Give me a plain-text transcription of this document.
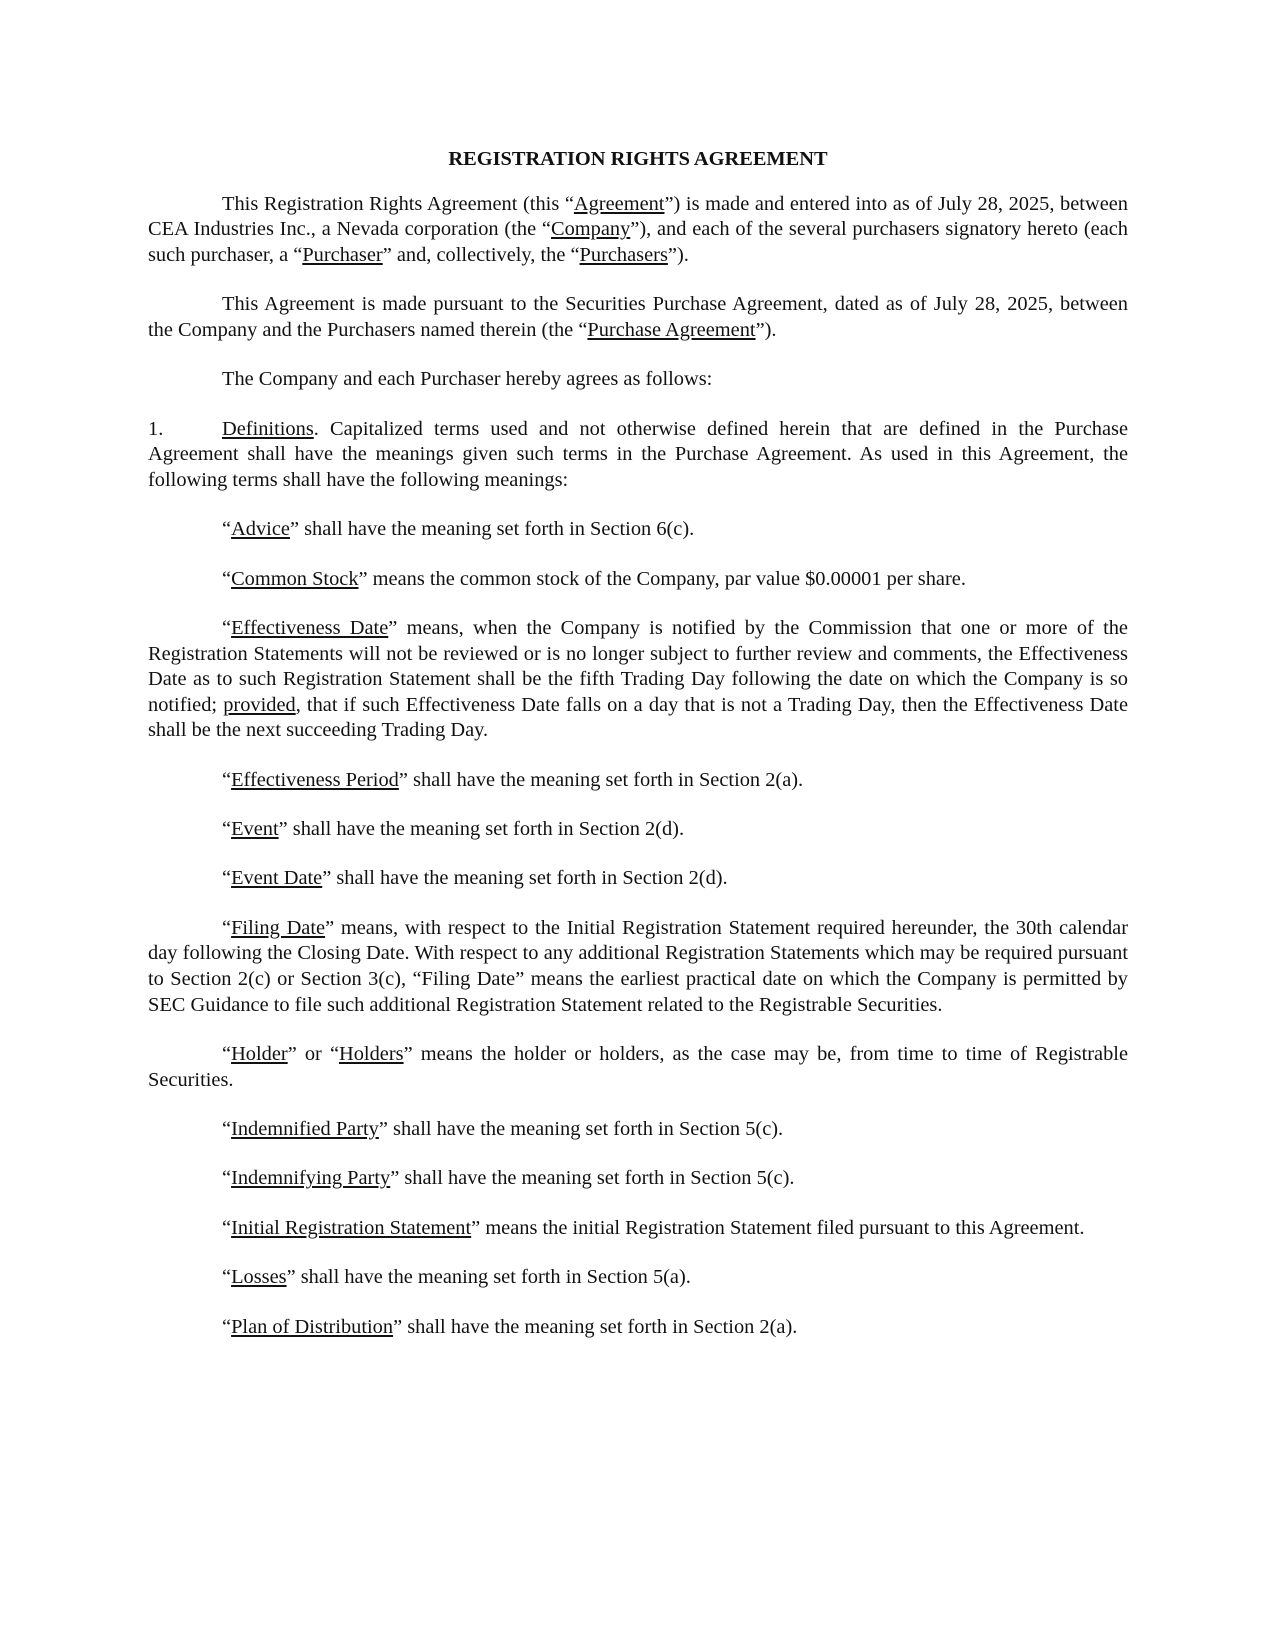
REGISTRATION RIGHTS AGREEMENT

This Registration Rights Agreement (this “Agreement”) is made and entered into as of July 28, 2025, between CEA Industries Inc., a Nevada corporation (the “Company”), and each of the several purchasers signatory hereto (each such purchaser, a “Purchaser” and, collectively, the “Purchasers”).

This Agreement is made pursuant to the Securities Purchase Agreement, dated as of July 28, 2025, between the Company and the Purchasers named therein (the “Purchase Agreement”).

The Company and each Purchaser hereby agrees as follows:

1.	Definitions. Capitalized terms used and not otherwise defined herein that are defined in the Purchase Agreement shall have the meanings given such terms in the Purchase Agreement. As used in this Agreement, the following terms shall have the following meanings:

“Advice” shall have the meaning set forth in Section 6(c).

“Common Stock” means the common stock of the Company, par value $0.00001 per share.

“Effectiveness Date” means, when the Company is notified by the Commission that one or more of the Registration Statements will not be reviewed or is no longer subject to further review and comments, the Effectiveness Date as to such Registration Statement shall be the fifth Trading Day following the date on which the Company is so notified; provided, that if such Effectiveness Date falls on a day that is not a Trading Day, then the Effectiveness Date shall be the next succeeding Trading Day.

“Effectiveness Period” shall have the meaning set forth in Section 2(a).

“Event” shall have the meaning set forth in Section 2(d).

“Event Date” shall have the meaning set forth in Section 2(d).

“Filing Date” means, with respect to the Initial Registration Statement required hereunder, the 30th calendar day following the Closing Date. With respect to any additional Registration Statements which may be required pursuant to Section 2(c) or Section 3(c), “Filing Date” means the earliest practical date on which the Company is permitted by SEC Guidance to file such additional Registration Statement related to the Registrable Securities.

“Holder” or “Holders” means the holder or holders, as the case may be, from time to time of Registrable Securities.

“Indemnified Party” shall have the meaning set forth in Section 5(c).

“Indemnifying Party” shall have the meaning set forth in Section 5(c).

“Initial Registration Statement” means the initial Registration Statement filed pursuant to this Agreement.

“Losses” shall have the meaning set forth in Section 5(a).

“Plan of Distribution” shall have the meaning set forth in Section 2(a).
